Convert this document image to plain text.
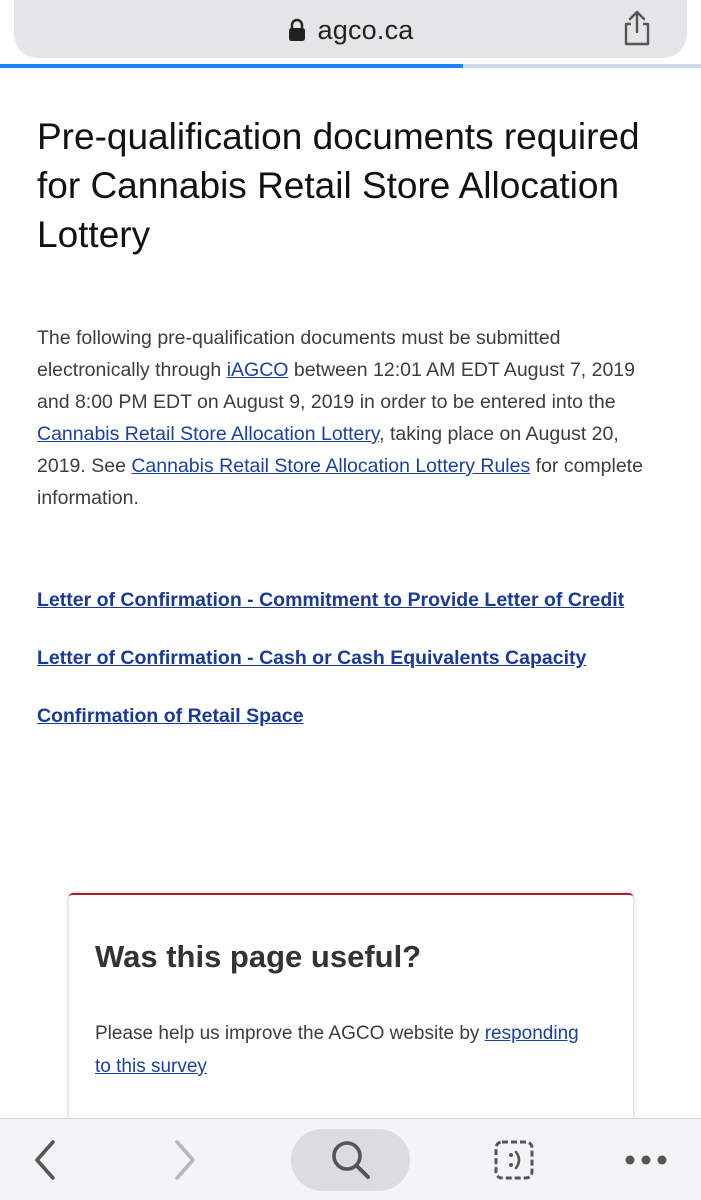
agco.ca
Pre-qualification documents required for Cannabis Retail Store Allocation Lottery

The following pre-qualification documents must be submitted electronically through iAGCO between 12:01 AM EDT August 7, 2019 and 8:00 PM EDT on August 9, 2019 in order to be entered into the Cannabis Retail Store Allocation Lottery, taking place on August 20, 2019. See Cannabis Retail Store Allocation Lottery Rules for complete information.

Letter of Confirmation - Commitment to Provide Letter of Credit
Letter of Confirmation - Cash or Cash Equivalents Capacity
Confirmation of Retail Space
Was this page useful?

Please help us improve the AGCO website by responding to this survey
